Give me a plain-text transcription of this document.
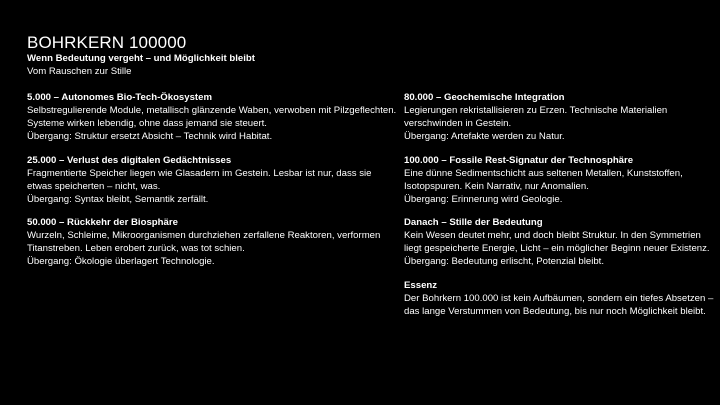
BOHRKERN 100000
Wenn Bedeutung vergeht – und Möglichkeit bleibt
Vom Rauschen zur Stille
5.000 – Autonomes Bio-Tech-Ökosystem
Selbstregulierende Module, metallisch glänzende Waben, verwoben mit Pilzgeflechten. Systeme wirken lebendig, ohne dass jemand sie steuert.
Übergang: Struktur ersetzt Absicht – Technik wird Habitat.
25.000 – Verlust des digitalen Gedächtnisses
Fragmentierte Speicher liegen wie Glasadern im Gestein. Lesbar ist nur, dass sie etwas speicherten – nicht, was.
Übergang: Syntax bleibt, Semantik zerfällt.
50.000 – Rückkehr der Biosphäre
Wurzeln, Schleime, Mikroorganismen durchziehen zerfallene Reaktoren, verformen Titanstreben. Leben erobert zurück, was tot schien.
Übergang: Ökologie überlagert Technologie.
80.000 – Geochemische Integration
Legierungen rekristallisieren zu Erzen. Technische Materialien verschwinden in Gestein.
Übergang: Artefakte werden zu Natur.
100.000 – Fossile Rest-Signatur der Technosphäre
Eine dünne Sedimentschicht aus seltenen Metallen, Kunststoffen, Isotopspuren. Kein Narrativ, nur Anomalien.
Übergang: Erinnerung wird Geologie.
Danach – Stille der Bedeutung
Kein Wesen deutet mehr, und doch bleibt Struktur. In den Symmetrien liegt gespeicherte Energie, Licht – ein möglicher Beginn neuer Existenz.
Übergang: Bedeutung erlischt, Potenzial bleibt.
Essenz
Der Bohrkern 100.000 ist kein Aufbäumen, sondern ein tiefes Absetzen – das lange Verstummen von Bedeutung, bis nur noch Möglichkeit bleibt.
